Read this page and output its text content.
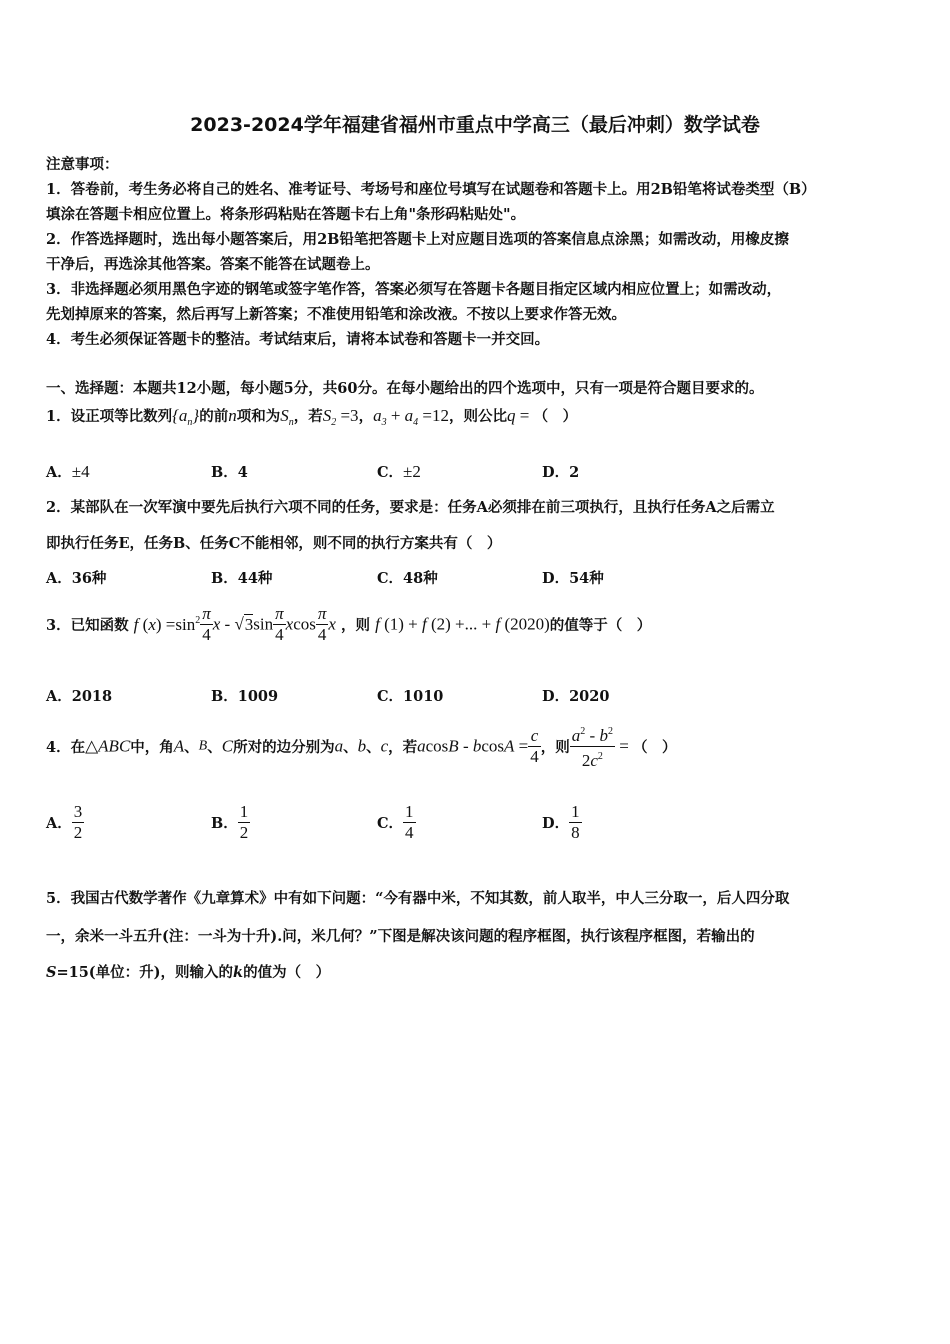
2023-2024学年福建省福州市重点中学高三（最后冲刺）数学试卷
注意事项：
1．答卷前，考生务必将自己的姓名、准考证号、考场号和座位号填写在试题卷和答题卡上。用2B铅笔将试卷类型（B）
填涂在答题卡相应位置上。将条形码粘贴在答题卡右上角"条形码粘贴处"。
2．作答选择题时，选出每小题答案后，用2B铅笔把答题卡上对应题目选项的答案信息点涂黑；如需改动，用橡皮擦
干净后，再选涂其他答案。答案不能答在试题卷上。
3．非选择题必须用黑色字迹的钢笔或签字笔作答，答案必须写在答题卡各题目指定区域内相应位置上；如需改动，
先划掉原来的答案，然后再写上新答案；不准使用铅笔和涂改液。不按以上要求作答无效。
4．考生必须保证答题卡的整洁。考试结束后，请将本试卷和答题卡一并交回。
一、选择题：本题共12小题，每小题5分，共60分。在每小题给出的四个选项中，只有一项是符合题目要求的。
1．设正项等比数列$\{a_n\}$的前n项和为$S_n$，若$S_2 =3$，$a_3 + a_4 =12$，则公比q = （　）
A．±4	B．4	C．±2	D．2
2．某部队在一次军演中要先后执行六项不同的任务，要求是：任务A必须排在前三项执行，且执行任务A之后需立
即执行任务E，任务B、任务C不能相邻，则不同的执行方案共有（　）
A．36种	B．44种	C．48种	D．54种
3．已知函数 f $(x) =\sin^2 \frac{\pi}{4}$ x - $√3\sin \frac{\pi}{4}$ xcos $\frac{\pi}{4}$ x ，则 f (1) + f (2) +... + f (2020)的值等于（　）
A．2018	B．1009	C．1010	D．2020
4．在△ABC中，角A、B、C所对的边分别为a、b、c，若$acosB - bcosA = \frac{c}{4}$ ，则 $\frac{a^2 - b^2}{2c^2}$ = （　）
A． $\frac{3}{2}$	B． $\frac{1}{2}$	C． $\frac{1}{4}$	D． $\frac{1}{8}$
5．我国古代数学著作《九章算术》中有如下问题：“今有器中米，不知其数，前人取半，中人三分取一，后人四分取
一，余米一斗五升(注：一斗为十升).问，米几何？”下图是解决该问题的程序框图，执行该程序框图，若输出的
S=15(单位：升)，则输入的k的值为（　）
